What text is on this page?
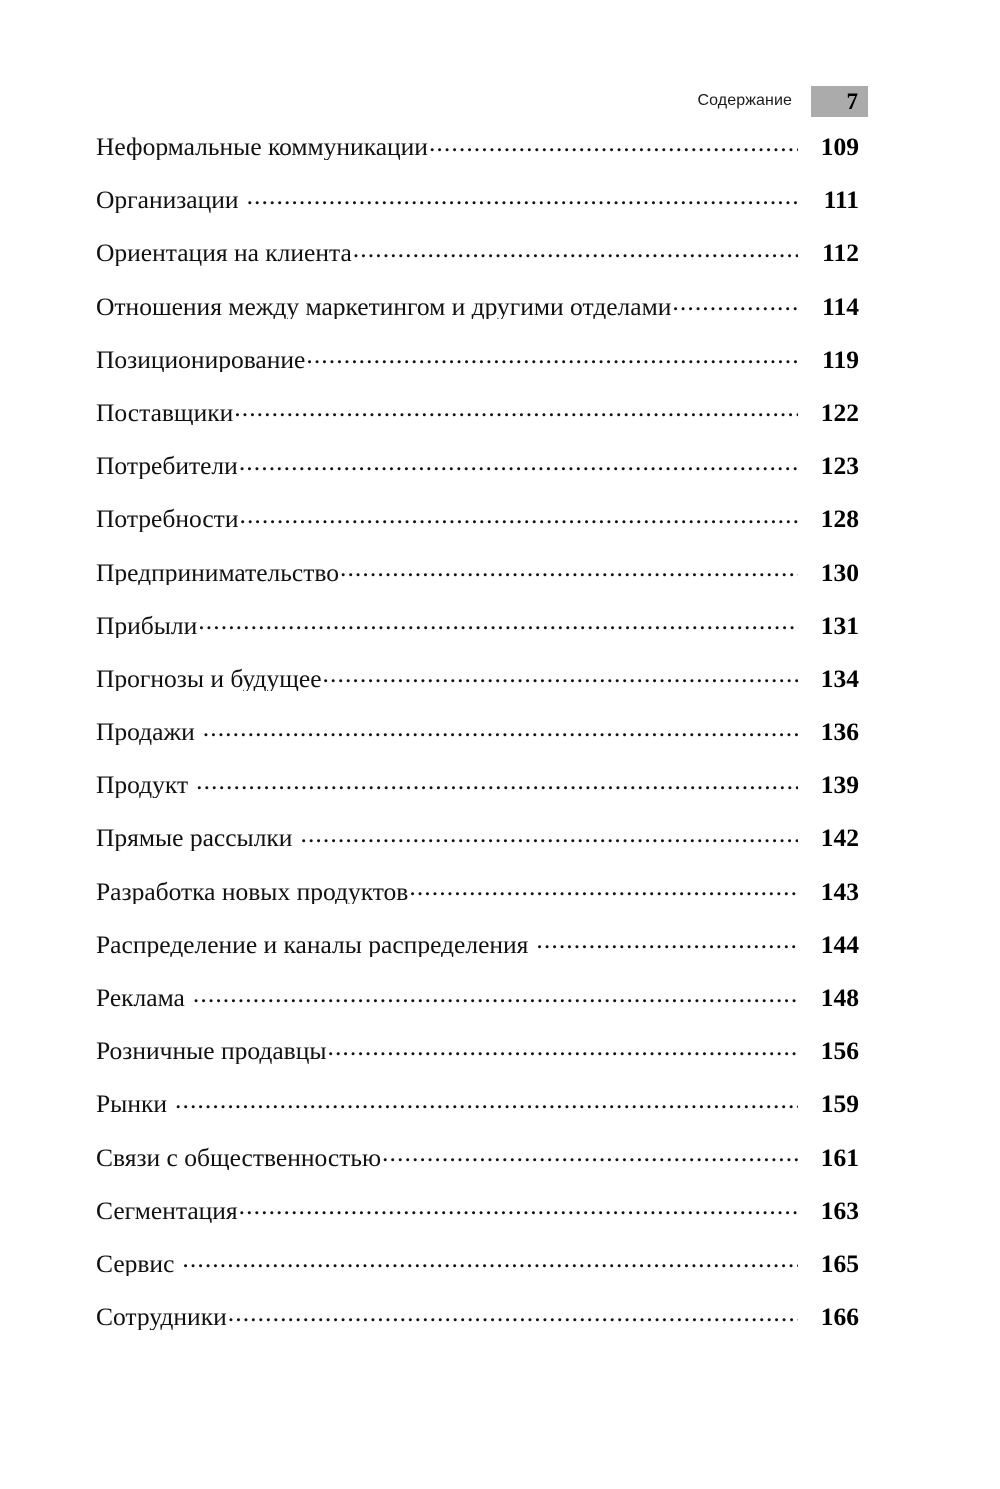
Содержание 7
Неформальные коммуникации .....	109
Организации .....	111
Ориентация на клиента .....	112
Отношения между маркетингом и другими отделами .....	114
Позиционирование .....	119
Поставщики .....	122
Потребители .....	123
Потребности .....	128
Предпринимательство .....	130
Прибыли .....	131
Прогнозы и будущее .....	134
Продажи .....	136
Продукт .....	139
Прямые рассылки .....	142
Разработка новых продуктов .....	143
Распределение и каналы распределения .....	144
Реклама .....	148
Розничные продавцы .....	156
Рынки .....	159
Связи с общественностью .....	161
Сегментация .....	163
Сервис .....	165
Сотрудники .....	166
